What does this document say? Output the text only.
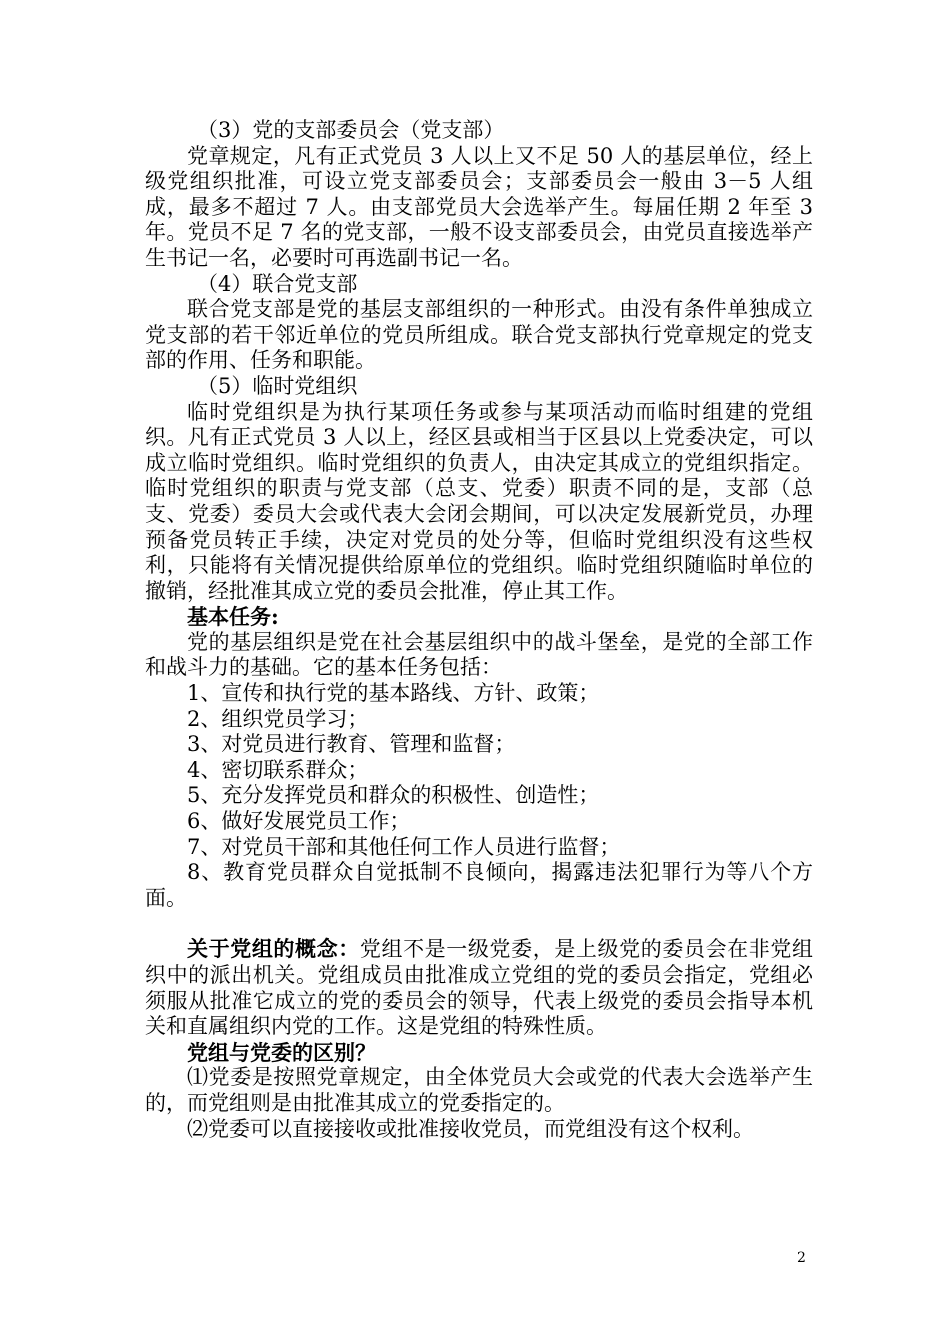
（3）党的支部委员会（党支部）

党章规定，凡有正式党员 3 人以上又不足 50 人的基层单位，经上级党组织批准，可设立党支部委员会；支部委员会一般由 3－5 人组成，最多不超过 7 人。由支部党员大会选举产生。每届任期 2 年至 3 年。党员不足 7 名的党支部，一般不设支部委员会，由党员直接选举产生书记一名，必要时可再选副书记一名。

（4）联合党支部

联合党支部是党的基层支部组织的一种形式。由没有条件单独成立党支部的若干邻近单位的党员所组成。联合党支部执行党章规定的党支部的作用、任务和职能。

（5）临时党组织

临时党组织是为执行某项任务或参与某项活动而临时组建的党组织。凡有正式党员 3 人以上，经区县或相当于区县以上党委决定，可以成立临时党组织。临时党组织的负责人，由决定其成立的党组织指定。临时党组织的职责与党支部（总支、党委）职责不同的是，支部（总支、党委）委员大会或代表大会闭会期间，可以决定发展新党员，办理预备党员转正手续，决定对党员的处分等，但临时党组织没有这些权利，只能将有关情况提供给原单位的党组织。临时党组织随临时单位的撤销，经批准其成立党的委员会批准，停止其工作。

基本任务:

党的基层组织是党在社会基层组织中的战斗堡垒，是党的全部工作和战斗力的基础。它的基本任务包括：

1、宣传和执行党的基本路线、方针、政策；

2、组织党员学习；

3、对党员进行教育、管理和监督；

4、密切联系群众；

5、充分发挥党员和群众的积极性、创造性；

6、做好发展党员工作；

7、对党员干部和其他任何工作人员进行监督；

8、教育党员群众自觉抵制不良倾向，揭露违法犯罪行为等八个方面。

关于党组的概念：党组不是一级党委，是上级党的委员会在非党组织中的派出机关。党组成员由批准成立党组的党的委员会指定，党组必须服从批准它成立的党的委员会的领导，代表上级党的委员会指导本机关和直属组织内党的工作。这是党组的特殊性质。

党组与党委的区别？

⑴党委是按照党章规定，由全体党员大会或党的代表大会选举产生的，而党组则是由批准其成立的党委指定的。

⑵党委可以直接接收或批准接收党员，而党组没有这个权利。

2
